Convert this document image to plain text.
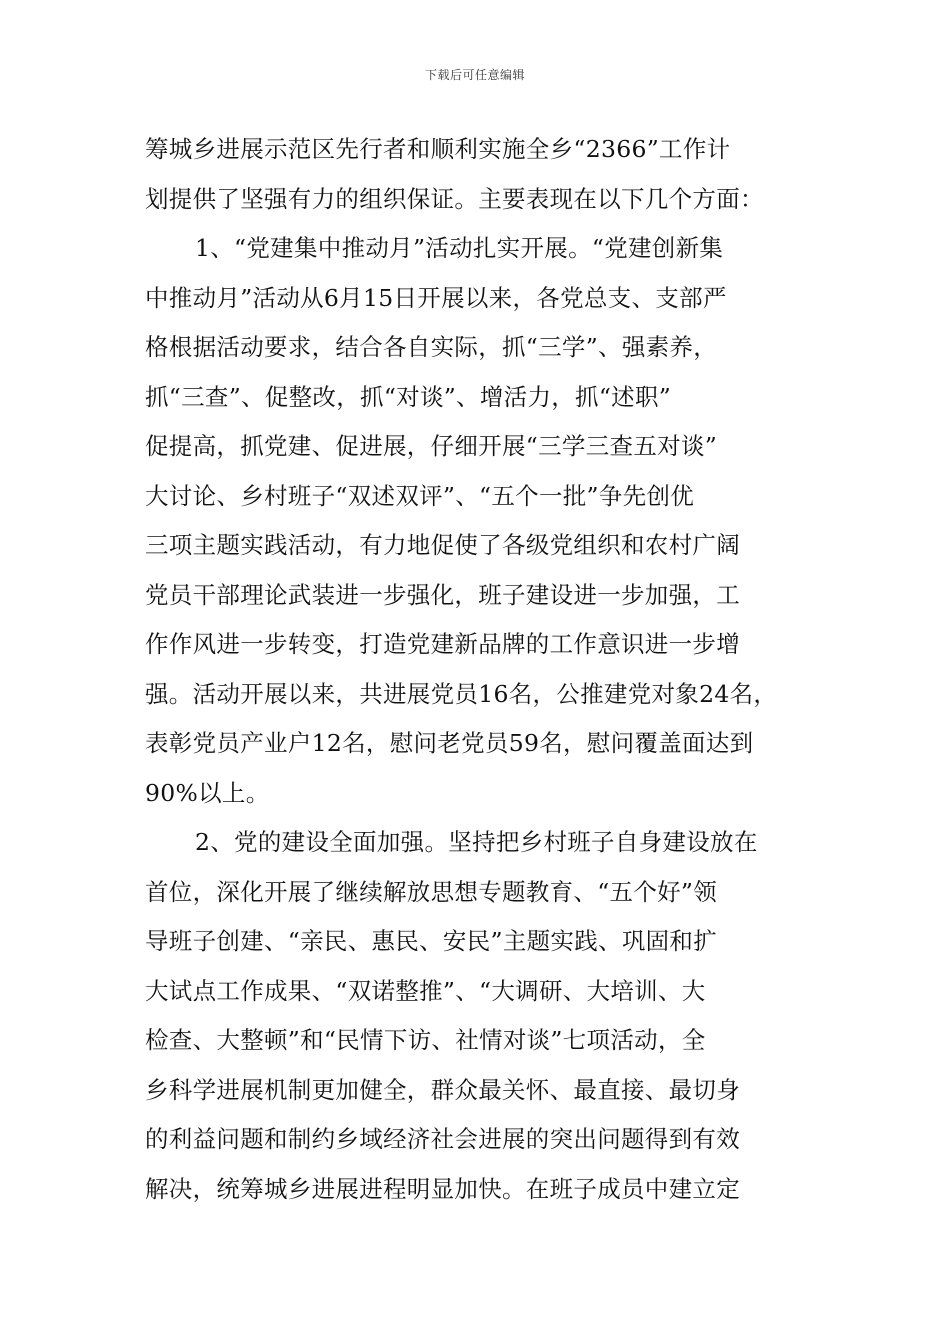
下载后可任意编辑
筹城乡进展示范区先行者和顺利实施全乡“2366”工作计
划提供了坚强有力的组织保证。主要表现在以下几个方面：
1、“党建集中推动月”活动扎实开展。“党建创新集
中推动月”活动从6月15日开展以来，各党总支、支部严
格根据活动要求，结合各自实际，抓“三学”、强素养，
抓“三查”、促整改，抓“对谈”、增活力，抓“述职”
促提高，抓党建、促进展，仔细开展“三学三查五对谈”
大讨论、乡村班子“双述双评”、“五个一批”争先创优
三项主题实践活动，有力地促使了各级党组织和农村广阔
党员干部理论武装进一步强化，班子建设进一步加强，工
作作风进一步转变，打造党建新品牌的工作意识进一步增
强。活动开展以来，共进展党员16名，公推建党对象24名，
表彰党员产业户12名，慰问老党员59名，慰问覆盖面达到
90%以上。
2、党的建设全面加强。坚持把乡村班子自身建设放在
首位，深化开展了继续解放思想专题教育、“五个好”领
导班子创建、“亲民、惠民、安民”主题实践、巩固和扩
大试点工作成果、“双诺整推”、“大调研、大培训、大
检查、大整顿”和“民情下访、社情对谈”七项活动，全
乡科学进展机制更加健全，群众最关怀、最直接、最切身
的利益问题和制约乡域经济社会进展的突出问题得到有效
解决，统筹城乡进展进程明显加快。在班子成员中建立定
